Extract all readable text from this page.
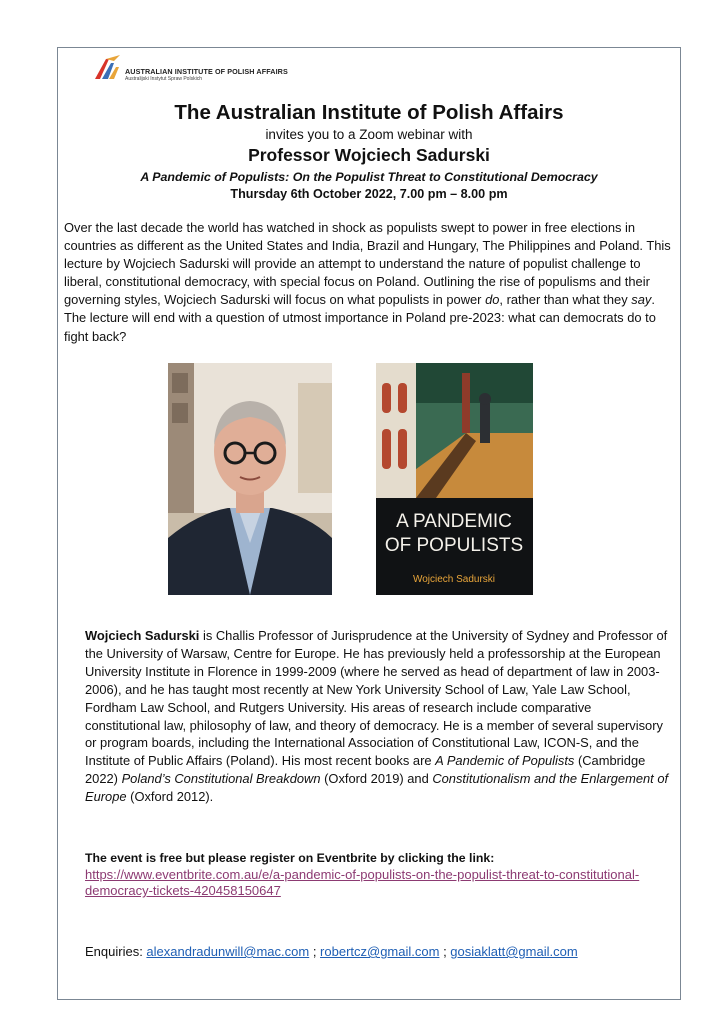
AUSTRALIAN INSTITUTE OF POLISH AFFAIRS
Australijski Instytut Spraw Polskich
The Australian Institute of Polish Affairs
invites you to a Zoom webinar with
Professor Wojciech Sadurski
A Pandemic of Populists: On the Populist Threat to Constitutional Democracy
Thursday 6th October 2022, 7.00 pm – 8.00 pm
Over the last decade the world has watched in shock as populists swept to power in free elections in countries as different as the United States and India, Brazil and Hungary, The Philippines and Poland. This lecture by Wojciech Sadurski will provide an attempt to understand the nature of populist challenge to liberal, constitutional democracy, with special focus on Poland. Outlining the rise of populisms and their governing styles, Wojciech Sadurski will focus on what populists in power do, rather than what they say. The lecture will end with a question of utmost importance in Poland pre-2023: what can democrats do to fight back?
A PANDEMIC
OF POPULISTS
Wojciech Sadurski
Wojciech Sadurski is Challis Professor of Jurisprudence at the University of Sydney and Professor of the University of Warsaw, Centre for Europe. He has previously held a professorship at the European University Institute in Florence in 1999-2009 (where he served as head of department of law in 2003-2006), and he has taught most recently at New York University School of Law, Yale Law School, Fordham Law School, and Rutgers University. His areas of research include comparative constitutional law, philosophy of law, and theory of democracy. He is a member of several supervisory or program boards, including the International Association of Constitutional Law, ICON-S, and the Institute of Public Affairs (Poland). His most recent books are A Pandemic of Populists (Cambridge 2022) Poland’s Constitutional Breakdown (Oxford 2019) and Constitutionalism and the Enlargement of Europe (Oxford 2012).
The event is free but please register on Eventbrite by clicking the link:
https://www.eventbrite.com.au/e/a-pandemic-of-populists-on-the-populist-threat-to-constitutional-democracy-tickets-420458150647
Enquiries: alexandradunwill@mac.com ; robertcz@gmail.com ; gosiaklatt@gmail.com
